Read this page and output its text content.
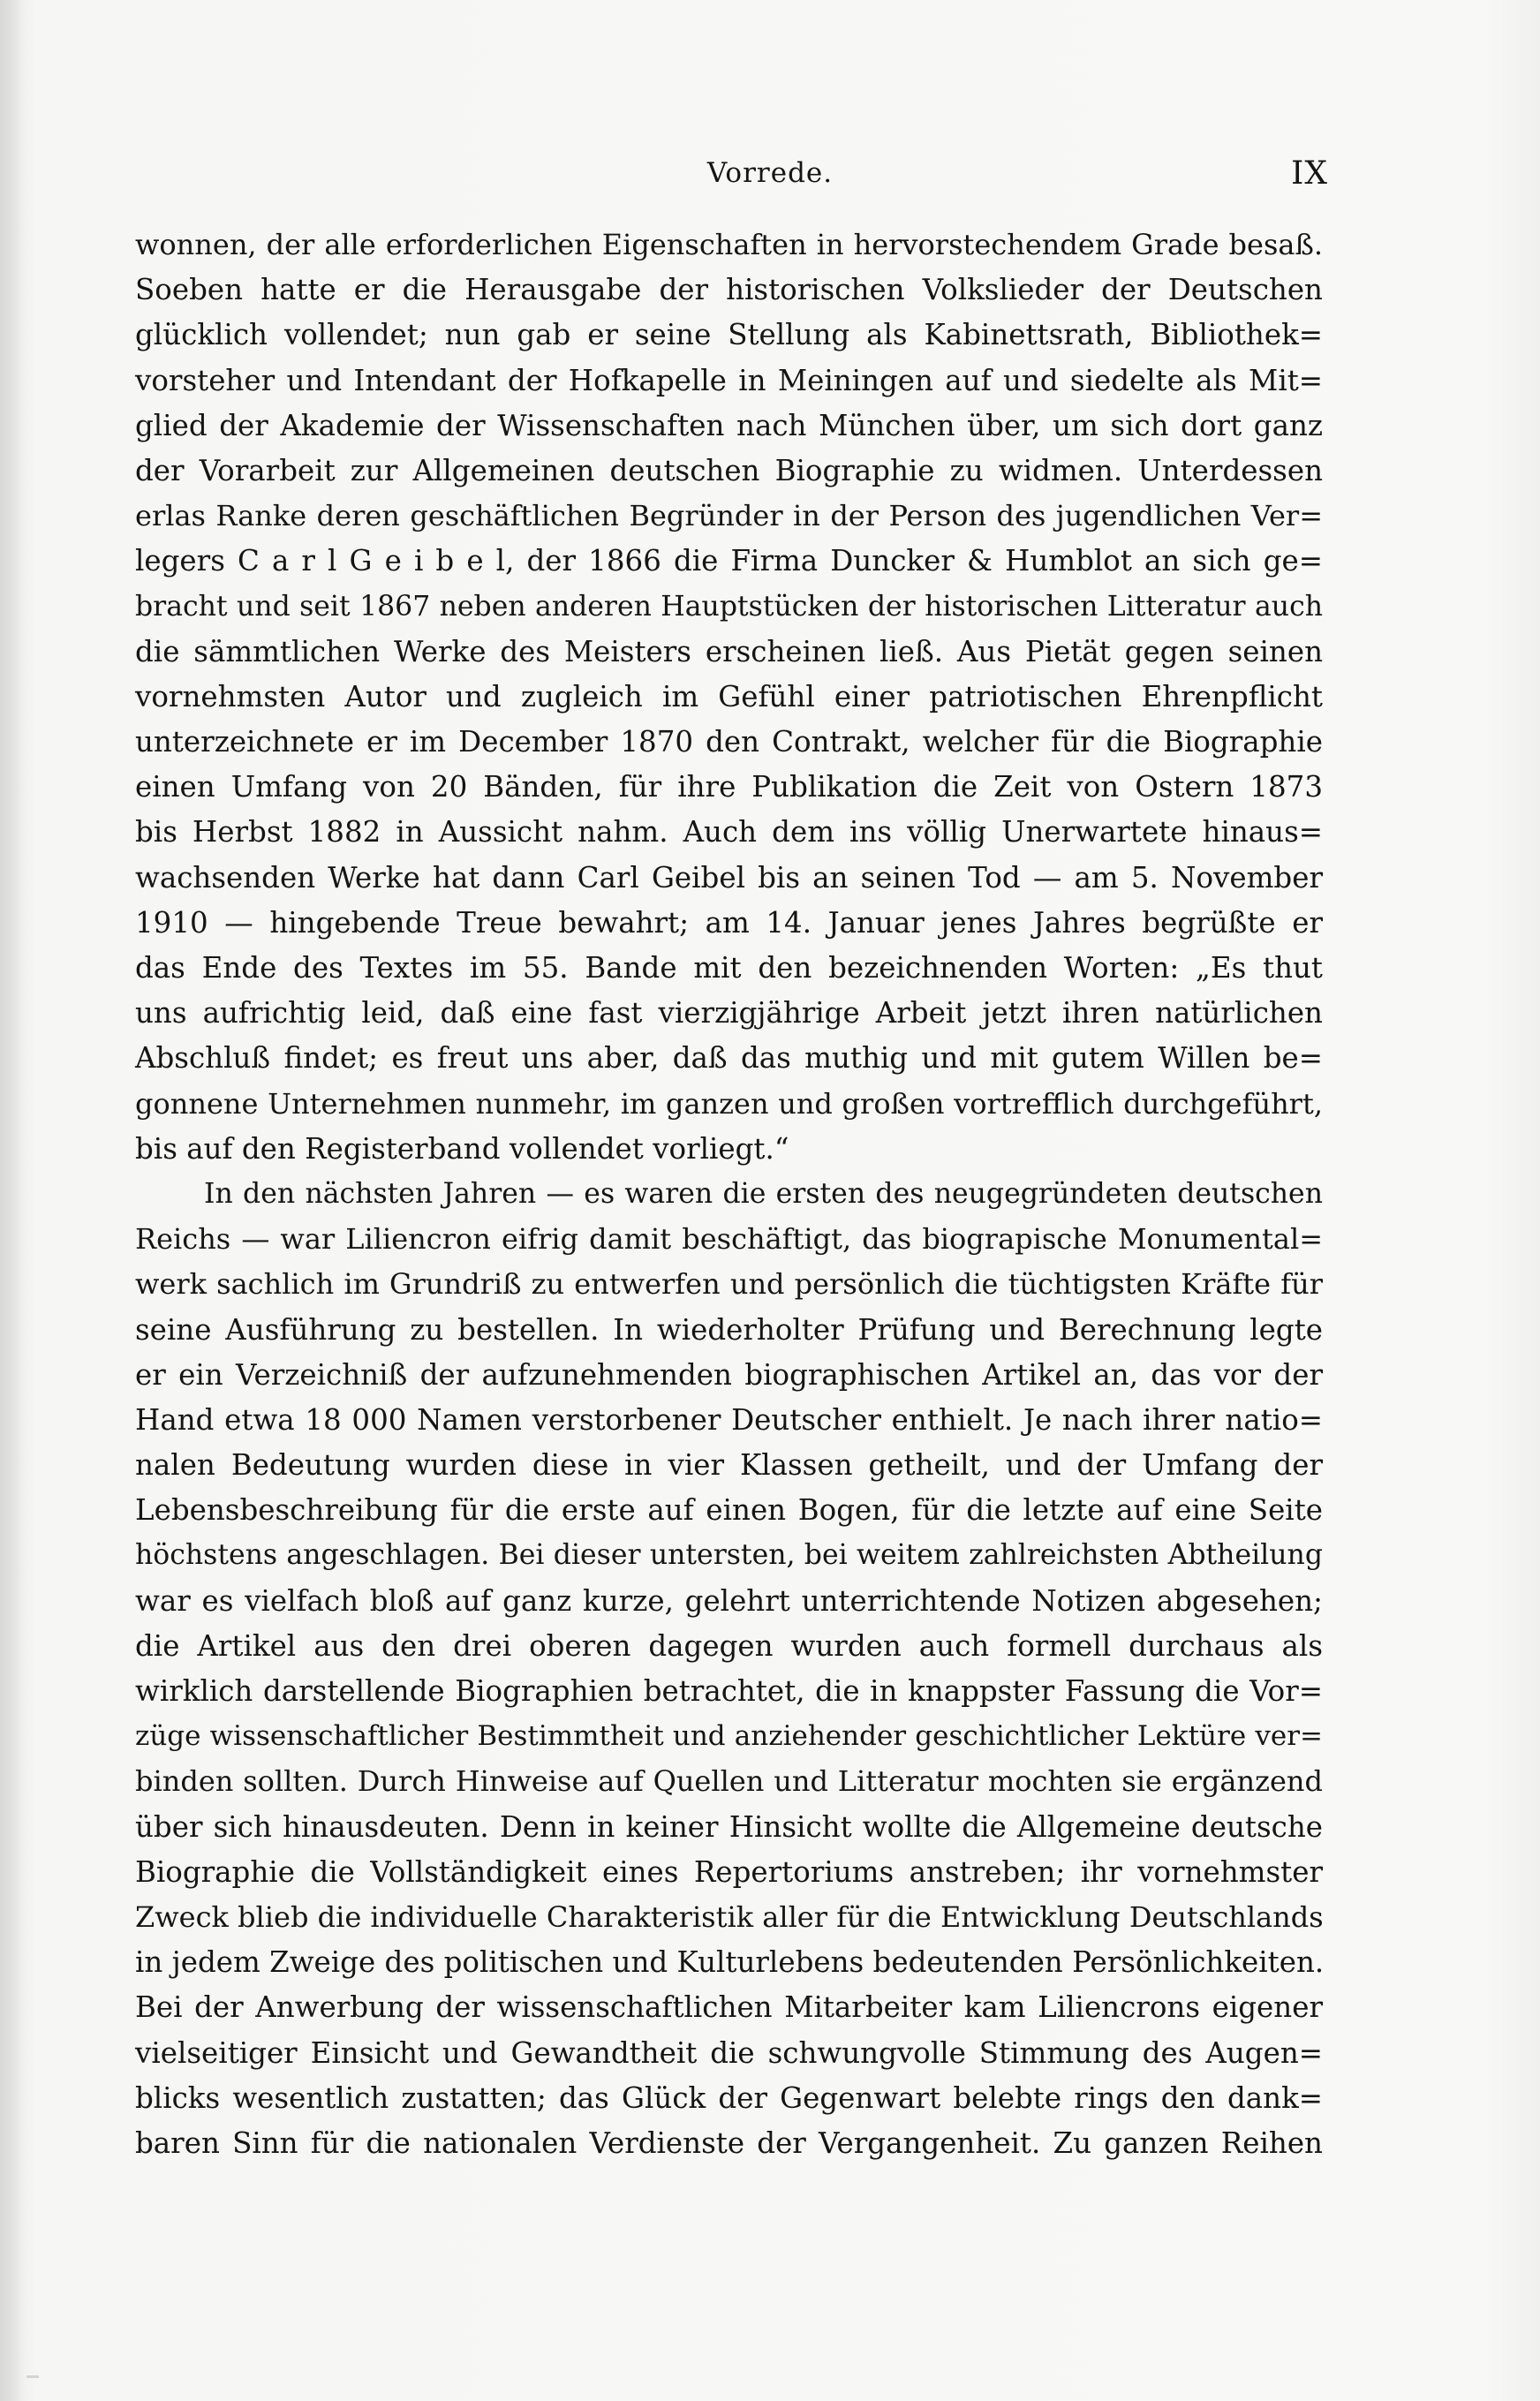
Vorrede.	IX
wonnen, der alle erforderlichen Eigenschaften in hervorstechendem Grade besaß.
Soeben hatte er die Herausgabe der historischen Volkslieder der Deutschen
glücklich vollendet; nun gab er seine Stellung als Kabinettsrath, Bibliothek=
vorsteher und Intendant der Hofkapelle in Meiningen auf und siedelte als Mit=
glied der Akademie der Wissenschaften nach München über, um sich dort ganz
der Vorarbeit zur Allgemeinen deutschen Biographie zu widmen. Unterdessen
erlas Ranke deren geschäftlichen Begründer in der Person des jugendlichen Ver=
legers C a r l G e i b e l, der 1866 die Firma Duncker & Humblot an sich ge=
bracht und seit 1867 neben anderen Hauptstücken der historischen Litteratur auch
die sämmtlichen Werke des Meisters erscheinen ließ. Aus Pietät gegen seinen
vornehmsten Autor und zugleich im Gefühl einer patriotischen Ehrenpflicht
unterzeichnete er im December 1870 den Contrakt, welcher für die Biographie
einen Umfang von 20 Bänden, für ihre Publikation die Zeit von Ostern 1873
bis Herbst 1882 in Aussicht nahm. Auch dem ins völlig Unerwartete hinaus=
wachsenden Werke hat dann Carl Geibel bis an seinen Tod — am 5. November
1910 — hingebende Treue bewahrt; am 14. Januar jenes Jahres begrüßte er
das Ende des Textes im 55. Bande mit den bezeichnenden Worten: „Es thut
uns aufrichtig leid, daß eine fast vierzigjährige Arbeit jetzt ihren natürlichen
Abschluß findet; es freut uns aber, daß das muthig und mit gutem Willen be=
gonnene Unternehmen nunmehr, im ganzen und großen vortrefflich durchgeführt,
bis auf den Registerband vollendet vorliegt.“
In den nächsten Jahren — es waren die ersten des neugegründeten deutschen
Reichs — war Liliencron eifrig damit beschäftigt, das biograpische Monumental=
werk sachlich im Grundriß zu entwerfen und persönlich die tüchtigsten Kräfte für
seine Ausführung zu bestellen. In wiederholter Prüfung und Berechnung legte
er ein Verzeichniß der aufzunehmenden biographischen Artikel an, das vor der
Hand etwa 18 000 Namen verstorbener Deutscher enthielt. Je nach ihrer natio=
nalen Bedeutung wurden diese in vier Klassen getheilt, und der Umfang der
Lebensbeschreibung für die erste auf einen Bogen, für die letzte auf eine Seite
höchstens angeschlagen. Bei dieser untersten, bei weitem zahlreichsten Abtheilung
war es vielfach bloß auf ganz kurze, gelehrt unterrichtende Notizen abgesehen;
die Artikel aus den drei oberen dagegen wurden auch formell durchaus als
wirklich darstellende Biographien betrachtet, die in knappster Fassung die Vor=
züge wissenschaftlicher Bestimmtheit und anziehender geschichtlicher Lektüre ver=
binden sollten. Durch Hinweise auf Quellen und Litteratur mochten sie ergänzend
über sich hinausdeuten. Denn in keiner Hinsicht wollte die Allgemeine deutsche
Biographie die Vollständigkeit eines Repertoriums anstreben; ihr vornehmster
Zweck blieb die individuelle Charakteristik aller für die Entwicklung Deutschlands
in jedem Zweige des politischen und Kulturlebens bedeutenden Persönlichkeiten.
Bei der Anwerbung der wissenschaftlichen Mitarbeiter kam Liliencrons eigener
vielseitiger Einsicht und Gewandtheit die schwungvolle Stimmung des Augen=
blicks wesentlich zustatten; das Glück der Gegenwart belebte rings den dank=
baren Sinn für die nationalen Verdienste der Vergangenheit. Zu ganzen Reihen
